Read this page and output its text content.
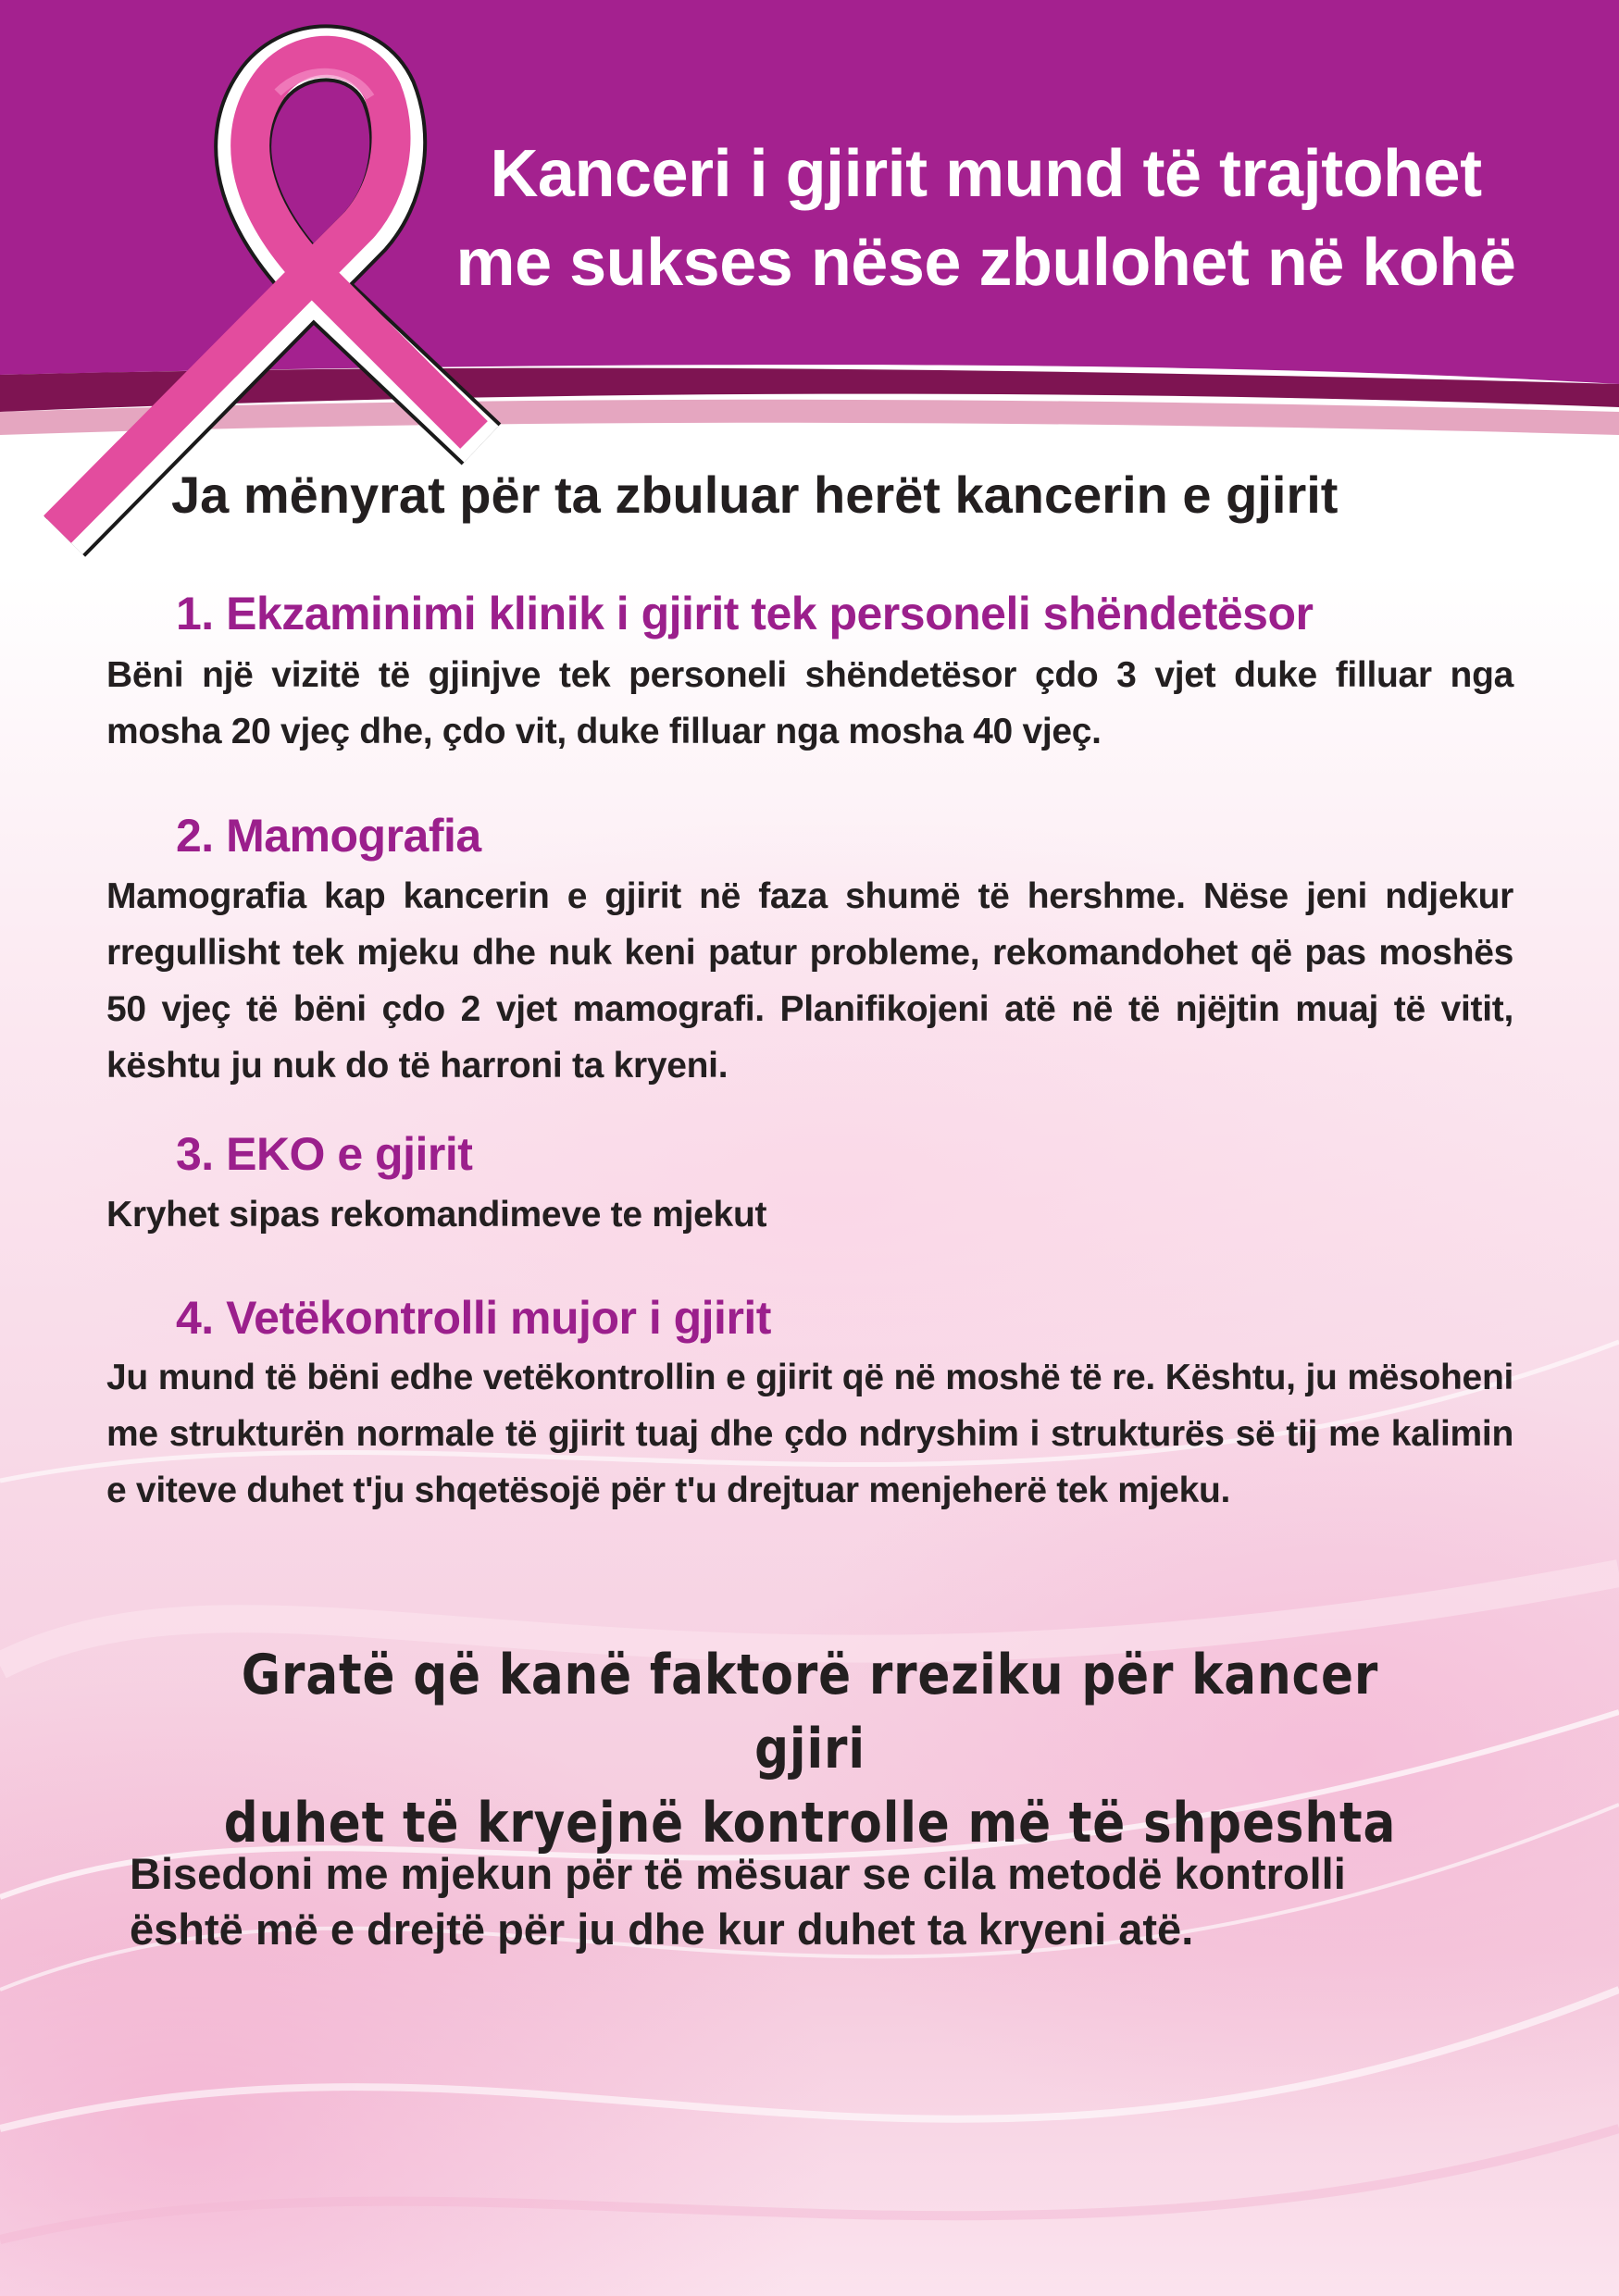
Kanceri i gjirit mund të trajtohet
me sukses nëse zbulohet në kohë
Ja mënyrat për ta zbuluar herët kancerin e gjirit
1. Ekzaminimi klinik i gjirit tek personeli shëndetësor
Bëni një vizitë të gjinjve tek personeli shëndetësor çdo 3 vjet duke filluar nga mosha 20 vjeç dhe, çdo vit, duke filluar nga mosha 40 vjeç.
2. Mamografia
Mamografia kap kancerin e gjirit në faza shumë të hershme. Nëse jeni ndjekur rregullisht tek mjeku dhe nuk keni patur probleme, rekomandohet që pas moshës 50 vjeç të bëni çdo 2 vjet mamografi. Planifikojeni atë në të njëjtin muaj të vitit, kështu ju nuk do të harroni ta kryeni.
3. EKO e gjirit
Kryhet sipas rekomandimeve te mjekut
4. Vetëkontrolli mujor i gjirit
Ju mund të bëni edhe vetëkontrollin e gjirit që në moshë të re. Kështu, ju mësoheni me strukturën normale të gjirit tuaj dhe çdo ndryshim i strukturës së tij me kalimin e viteve duhet t'ju shqetësojë për t'u drejtuar menjeherë tek mjeku.
Gratë që kanë faktorë rreziku për kancer gjiri
duhet të kryejnë kontrolle më të shpeshta
Bisedoni me mjekun për të mësuar se cila metodë kontrolli
është më e drejtë për ju dhe kur duhet ta kryeni atë.
